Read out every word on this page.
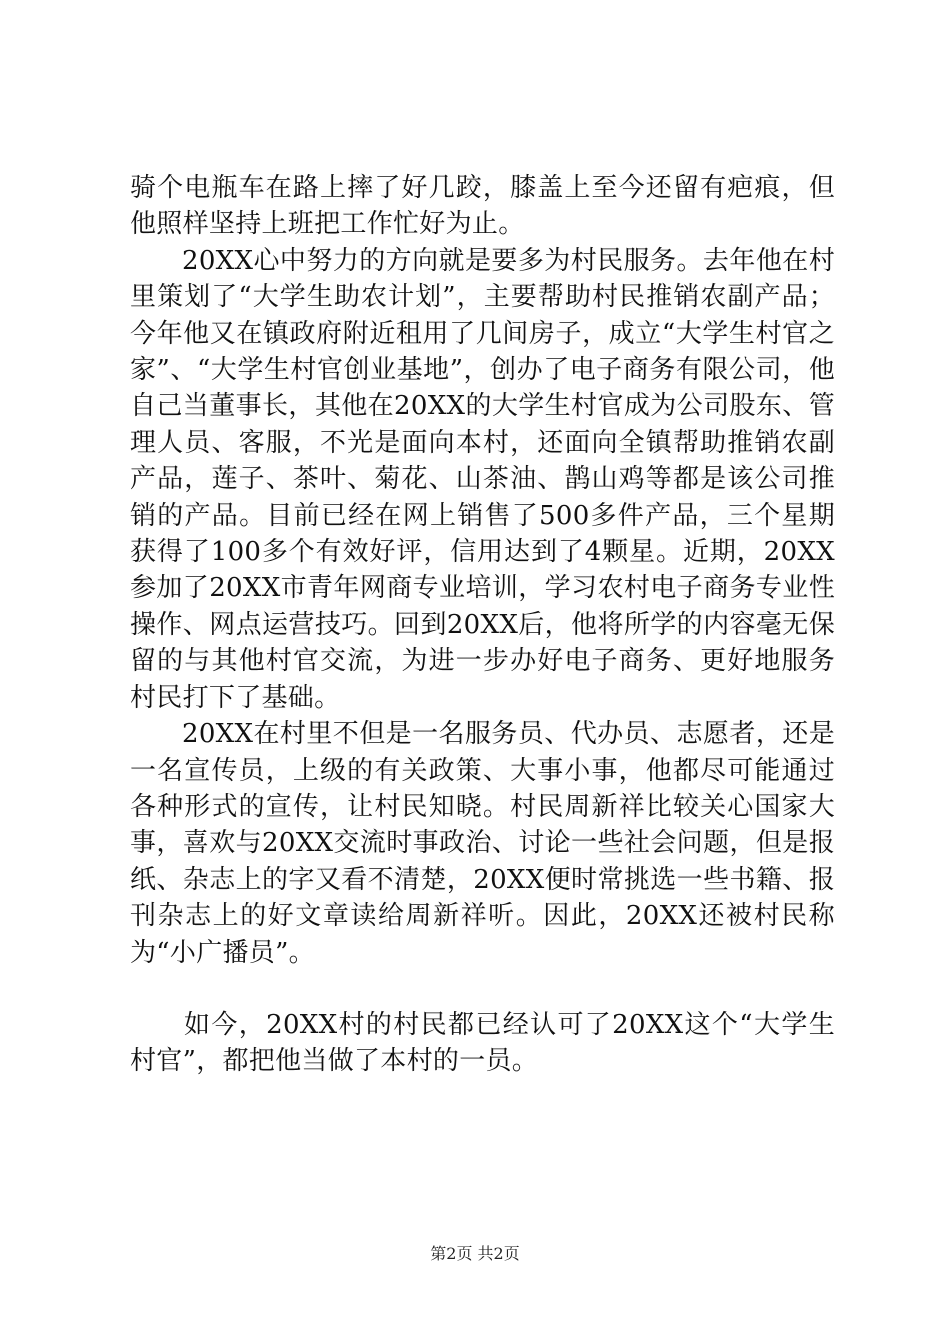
骑个电瓶车在路上摔了好几跤，膝盖上至今还留有疤痕，但他照样坚持上班把工作忙好为止。

20XX心中努力的方向就是要多为村民服务。去年他在村里策划了“大学生助农计划”，主要帮助村民推销农副产品；今年他又在镇政府附近租用了几间房子，成立“大学生村官之家”、“大学生村官创业基地”，创办了电子商务有限公司，他自己当董事长，其他在20XX的大学生村官成为公司股东、管理人员、客服，不光是面向本村，还面向全镇帮助推销农副产品，莲子、茶叶、菊花、山茶油、鹊山鸡等都是该公司推销的产品。目前已经在网上销售了500多件产品，三个星期获得了100多个有效好评，信用达到了4颗星。近期，20XX参加了20XX市青年网商专业培训，学习农村电子商务专业性操作、网点运营技巧。回到20XX后，他将所学的内容毫无保留的与其他村官交流，为进一步办好电子商务、更好地服务村民打下了基础。

20XX在村里不但是一名服务员、代办员、志愿者，还是一名宣传员，上级的有关政策、大事小事，他都尽可能通过各种形式的宣传，让村民知晓。村民周新祥比较关心国家大事，喜欢与20XX交流时事政治、讨论一些社会问题，但是报纸、杂志上的字又看不清楚，20XX便时常挑选一些书籍、报刊杂志上的好文章读给周新祥听。因此，20XX还被村民称为“小广播员”。

如今，20XX村的村民都已经认可了20XX这个“大学生村官”，都把他当做了本村的一员。

第2页 共2页
